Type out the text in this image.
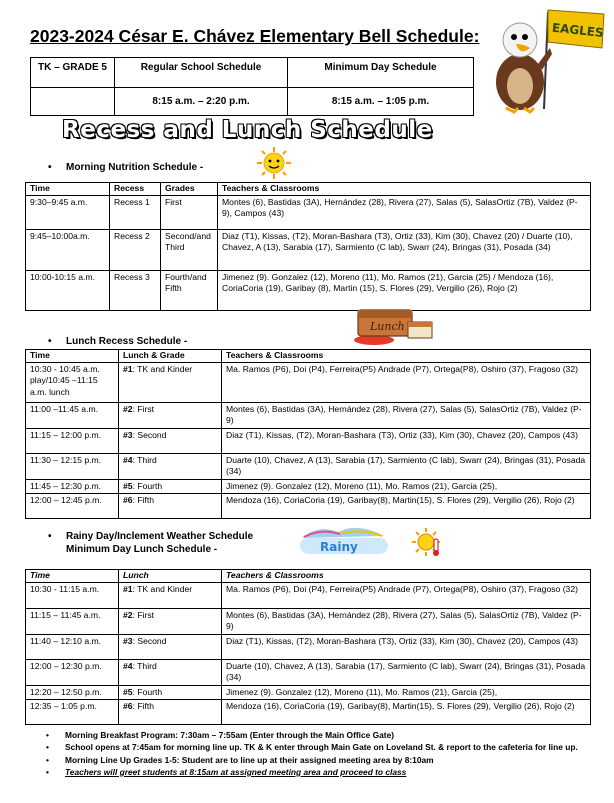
2023-2024 César E. Chávez Elementary Bell Schedule:	EAGLES
TK – GRADE 5	Regular School Schedule	Minimum Day Schedule
	8:15 a.m. – 2:20 p.m.	8:15 a.m. – 1:05 p.m.
Recess and Lunch Schedule
• Morning Nutrition Schedule -
Time	Recess	Grades	Teachers & Classrooms
9:30–9:45 a.m.	Recess 1	First	Montes (6), Bastidas (3A), Hernández (28), Rivera (27), Salas (5), SalasOrtiz (7B), Valdez (P-9), Campos (43)
9:45–10:00a.m.	Recess 2	Second/and Third	Diaz (T1), Kissas, (T2), Moran-Bashara (T3), Ortiz (33), Kim (30), Chavez (20) / Duarte (10), Chavez, A (13), Sarabia (17), Sarmiento (C lab), Swarr (24), Bringas (31), Posada (34)
10:00-10:15 a.m.	Recess 3	Fourth/and Fifth	Jimenez (9). Gonzalez (12), Moreno (11), Mo. Ramos (21), Garcia (25) / Mendoza (16), CoriaCoria (19), Garibay (8), Martin (15), S. Flores (29), Vergilio (26), Rojo (2)
• Lunch Recess Schedule -
Lunch
Time	Lunch & Grade	Teachers & Classrooms
10:30 - 10:45 a.m. play/10:45 –11:15 a.m. lunch	#1: TK and Kinder	Ma. Ramos (P6), Doi (P4), Ferreira(P5) Andrade (P7), Ortega(P8), Oshiro (37), Fragoso (32)
11:00 –11:45 a.m.	#2: First	Montes (6), Bastidas (3A), Hernández (28), Rivera (27), Salas (5), SalasOrtiz (7B), Valdez (P-9)
11:15 – 12:00 p.m.	#3: Second	Diaz (T1), Kissas, (T2), Moran-Bashara (T3), Ortiz (33), Kim (30), Chavez (20), Campos (43)
11:30 – 12:15 p.m.	#4: Third	Duarte (10), Chavez, A (13), Sarabia (17), Sarmiento (C lab), Swarr (24), Bringas (31), Posada (34)
11:45 – 12:30 p.m.	#5: Fourth	Jimenez (9). Gonzalez (12), Moreno (11), Mo. Ramos (21), Garcia (25),
12:00 – 12:45 p.m.	#6: Fifth	Mendoza (16), CoriaCoria (19), Garibay(8), Martin(15), S. Flores (29), Vergilio (26), Rojo (2)
• Rainy Day/Inclement Weather Schedule
Minimum Day Lunch Schedule -	Rainy
Time	Lunch	Teachers & Classrooms
10:30 - 11:15 a.m.	#1: TK and Kinder	Ma. Ramos (P6), Doi (P4), Ferreira(P5) Andrade (P7), Ortega(P8), Oshiro (37), Fragoso (32)
11:15 – 11:45 a.m.	#2: First	Montes (6), Bastidas (3A), Hernández (28), Rivera (27), Salas (5), SalasOrtiz (7B), Valdez (P-9)
11:40 – 12:10 a.m.	#3: Second	Diaz (T1), Kissas, (T2), Moran-Bashara (T3), Ortiz (33), Kim (30), Chavez (20), Campos (43)
12:00 – 12:30 p.m.	#4: Third	Duarte (10), Chavez, A (13), Sarabia (17), Sarmiento (C lab), Swarr (24), Bringas (31), Posada (34)
12:20 – 12:50 p.m.	#5: Fourth	Jimenez (9). Gonzalez (12), Moreno (11), Mo. Ramos (21), Garcia (25),
12:35 – 1:05 p.m.	#6: Fifth	Mendoza (16), CoriaCoria (19), Garibay(8), Martin(15), S. Flores (29), Vergilio (26), Rojo (2)
• Morning Breakfast Program: 7:30am – 7:55am (Enter through the Main Office Gate)
• School opens at 7:45am for morning line up. TK & K enter through Main Gate on Loveland St. & report to the cafeteria for line up.
• Morning Line Up Grades 1-5: Student are to line up at their assigned meeting area by 8:10am
• Teachers will greet students at 8:15am at assigned meeting area and proceed to class
